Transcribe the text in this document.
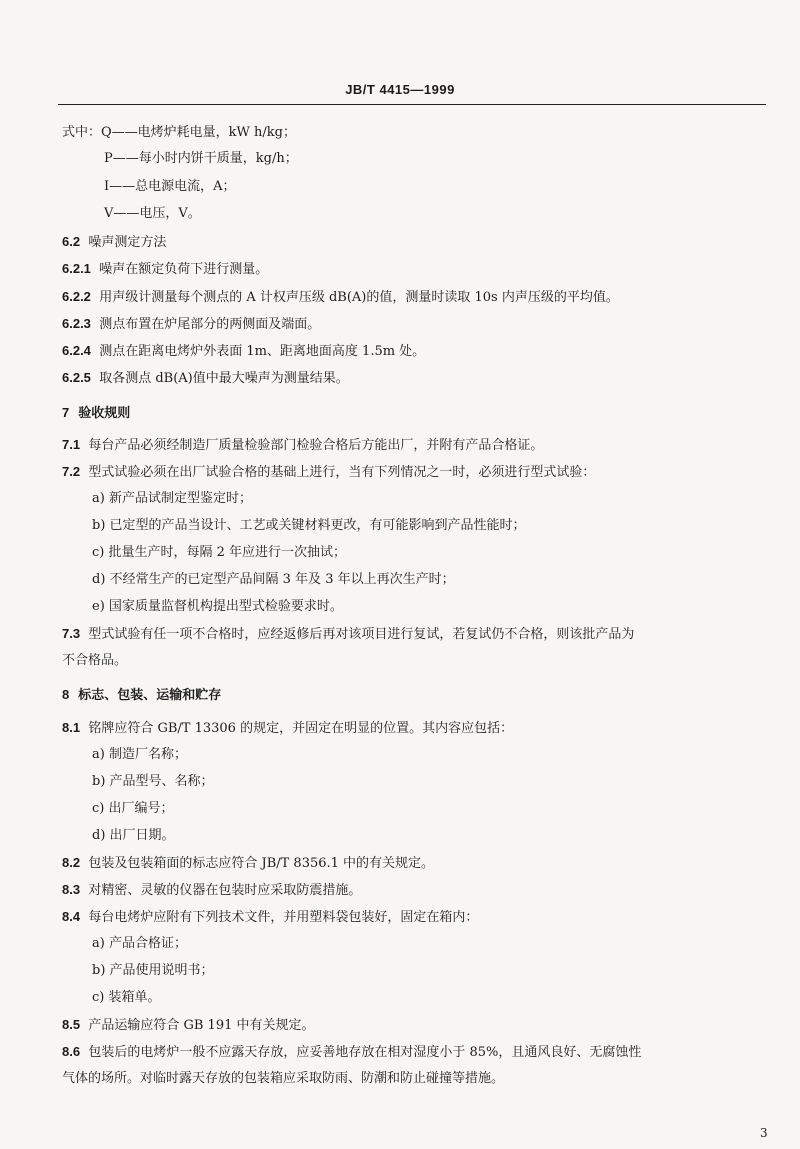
JB/T 4415—1999
式中：Q——电烤炉耗电量，kW h/kg；
P——每小时内饼干质量，kg/h；
I——总电源电流，A；
V——电压，V。
6.2 噪声测定方法
6.2.1 噪声在额定负荷下进行测量。
6.2.2 用声级计测量每个测点的 A 计权声压级 dB(A)的值，测量时读取 10s 内声压级的平均值。
6.2.3 测点布置在炉尾部分的两侧面及端面。
6.2.4 测点在距离电烤炉外表面 1m、距离地面高度 1.5m 处。
6.2.5 取各测点 dB(A)值中最大噪声为测量结果。
7 验收规则
7.1 每台产品必须经制造厂质量检验部门检验合格后方能出厂，并附有产品合格证。
7.2 型式试验必须在出厂试验合格的基础上进行，当有下列情况之一时，必须进行型式试验：
a) 新产品试制定型鉴定时；
b) 已定型的产品当设计、工艺或关键材料更改，有可能影响到产品性能时；
c) 批量生产时，每隔 2 年应进行一次抽试；
d) 不经常生产的已定型产品间隔 3 年及 3 年以上再次生产时；
e) 国家质量监督机构提出型式检验要求时。
7.3 型式试验有任一项不合格时，应经返修后再对该项目进行复试，若复试仍不合格，则该批产品为
不合格品。
8 标志、包装、运输和贮存
8.1 铭牌应符合 GB/T 13306 的规定，并固定在明显的位置。其内容应包括：
a) 制造厂名称；
b) 产品型号、名称；
c) 出厂编号；
d) 出厂日期。
8.2 包装及包装箱面的标志应符合 JB/T 8356.1 中的有关规定。
8.3 对精密、灵敏的仪器在包装时应采取防震措施。
8.4 每台电烤炉应附有下列技术文件，并用塑料袋包装好，固定在箱内：
a) 产品合格证；
b) 产品使用说明书；
c) 装箱单。
8.5 产品运输应符合 GB 191 中有关规定。
8.6 包装后的电烤炉一般不应露天存放，应妥善地存放在相对湿度小于 85%，且通风良好、无腐蚀性
气体的场所。对临时露天存放的包装箱应采取防雨、防潮和防止碰撞等措施。
3
